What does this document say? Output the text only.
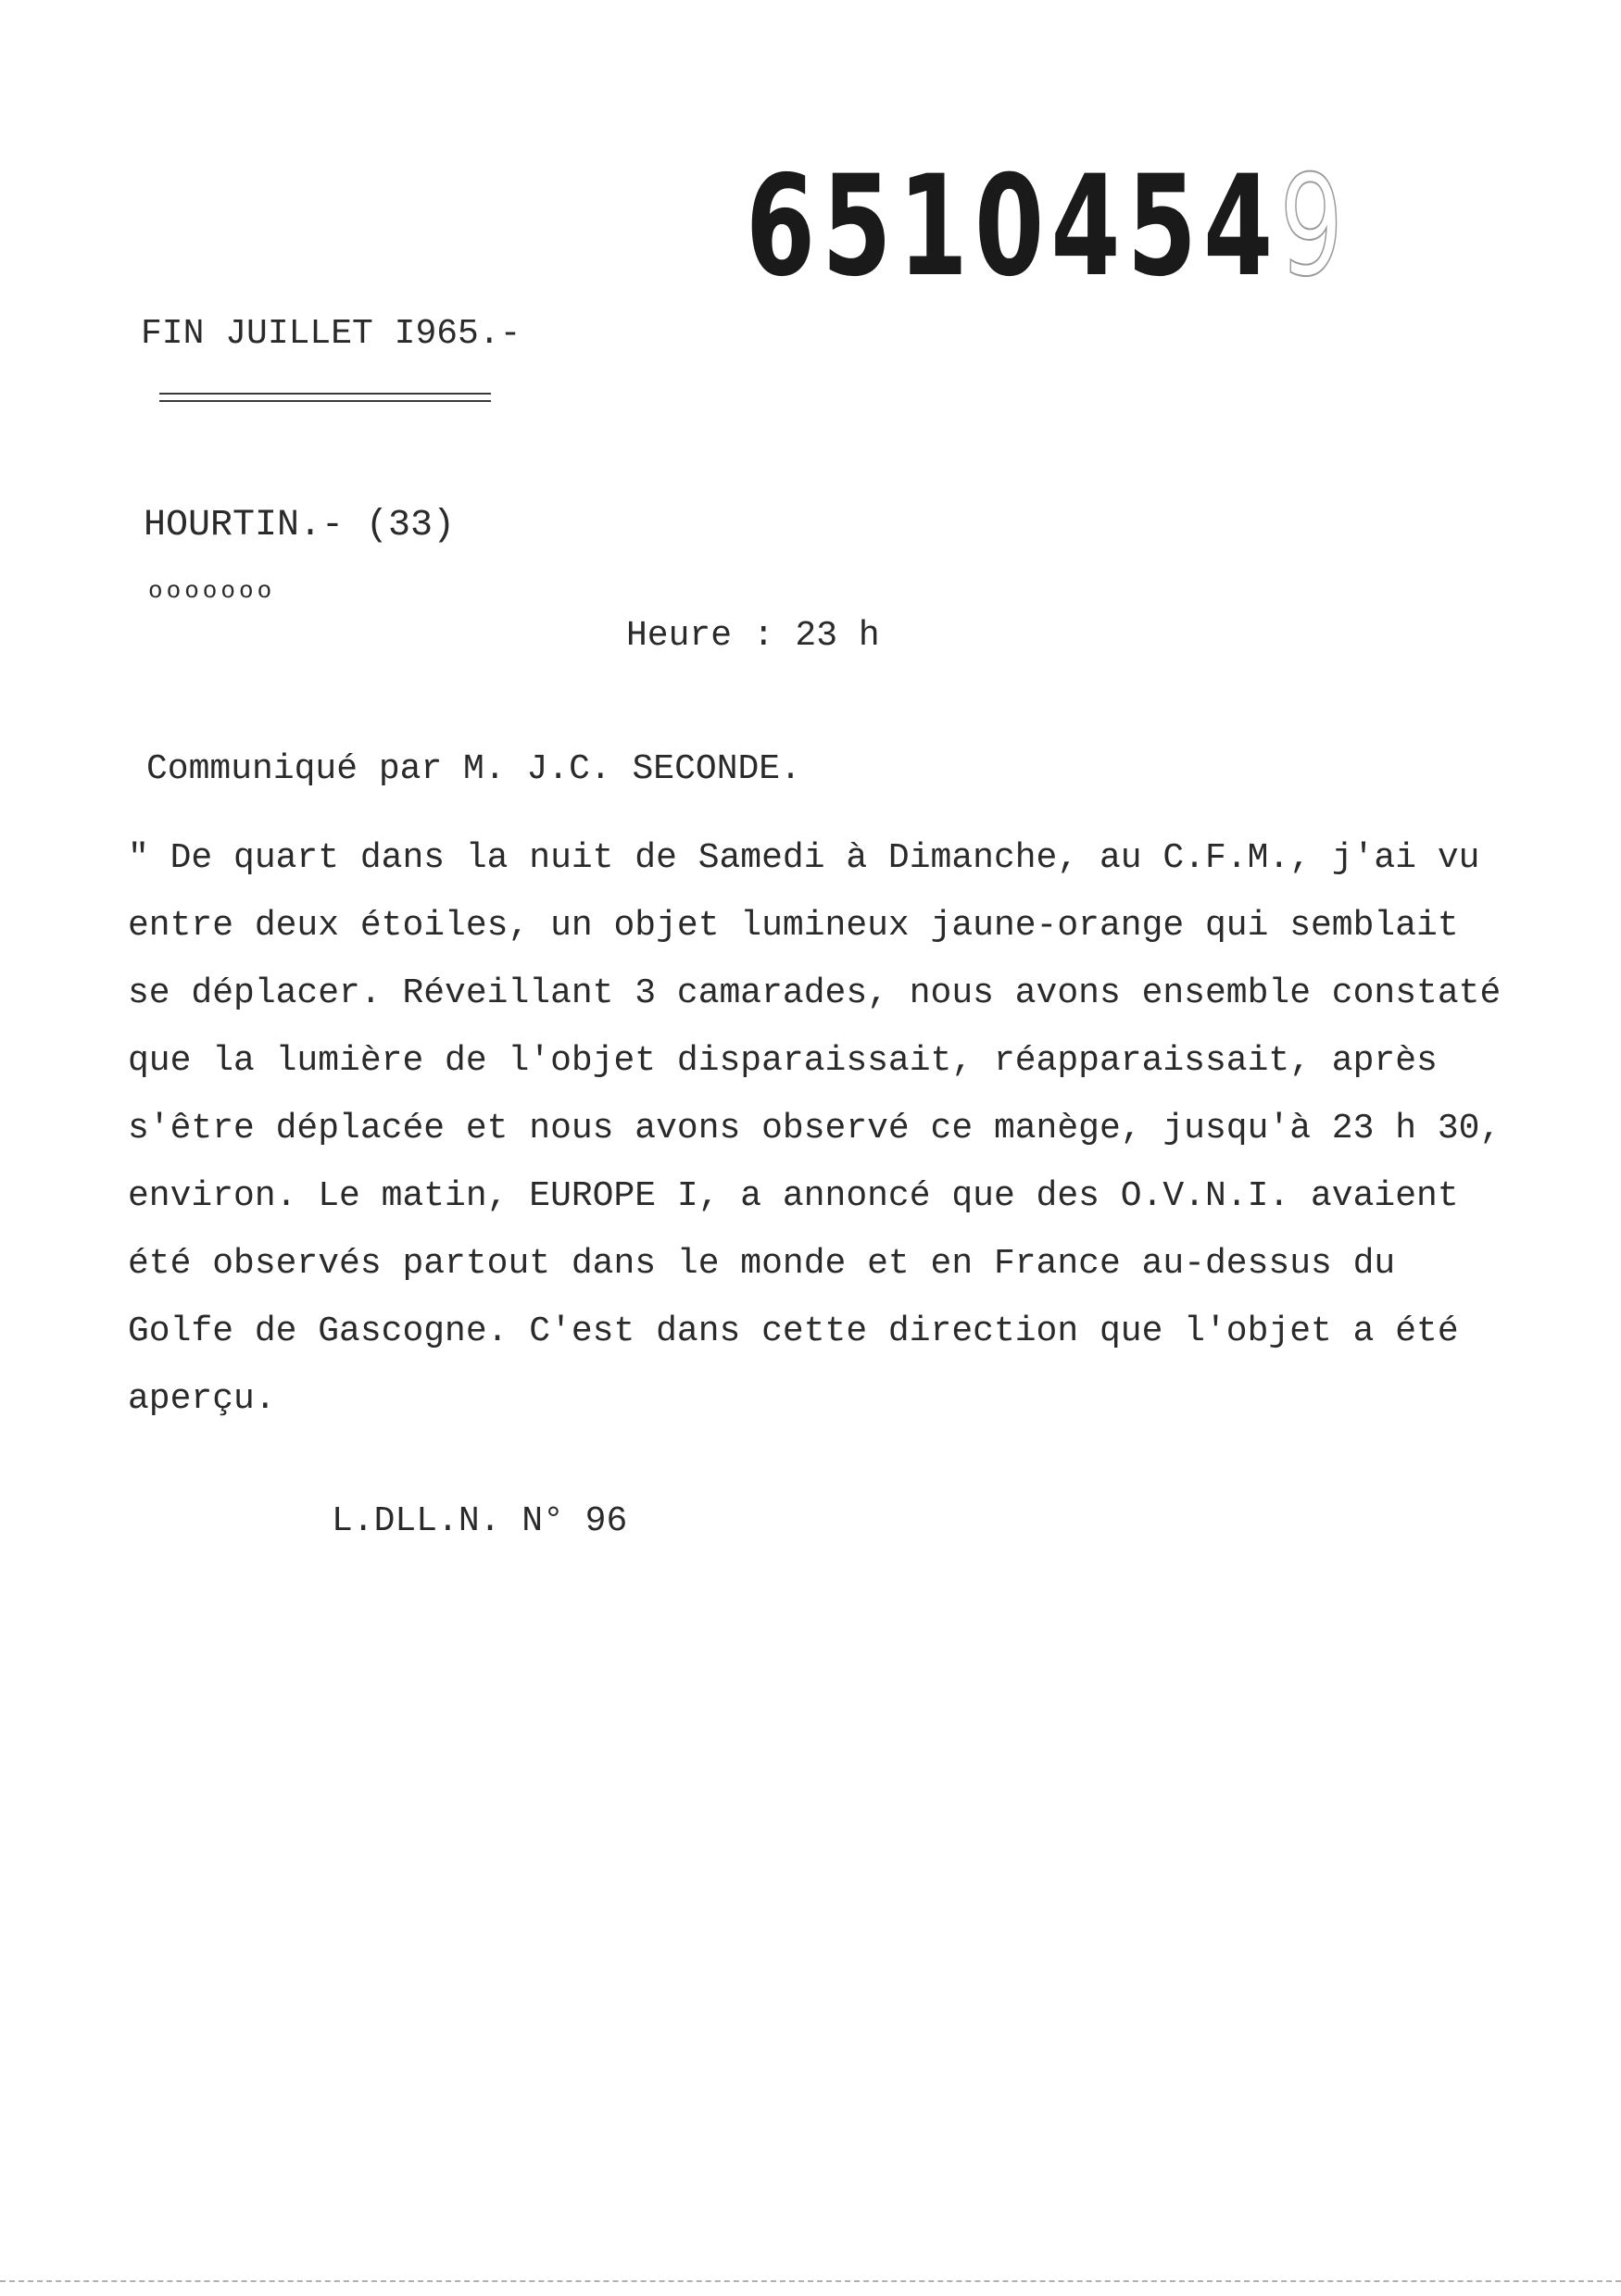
65104549
FIN JUILLET I965.-
HOURTIN.- (33)
ooooooo
Heure : 23 h
Communiqué par M. J.C. SECONDE.
" De quart dans la nuit de Samedi à Dimanche, au C.F.M., j'ai vu
entre deux étoiles, un objet lumineux jaune-orange qui semblait
se déplacer. Réveillant 3 camarades, nous avons ensemble constaté
que la lumière de l'objet disparaissait, réapparaissait, après
s'être déplacée et nous avons observé ce manège, jusqu'à 23 h 30,
environ. Le matin, EUROPE I, a annoncé que des O.V.N.I. avaient
été observés partout dans le monde et en France au-dessus du
Golfe de Gascogne. C'est dans cette direction que l'objet a été
aperçu.
L.DLL.N. N° 96
